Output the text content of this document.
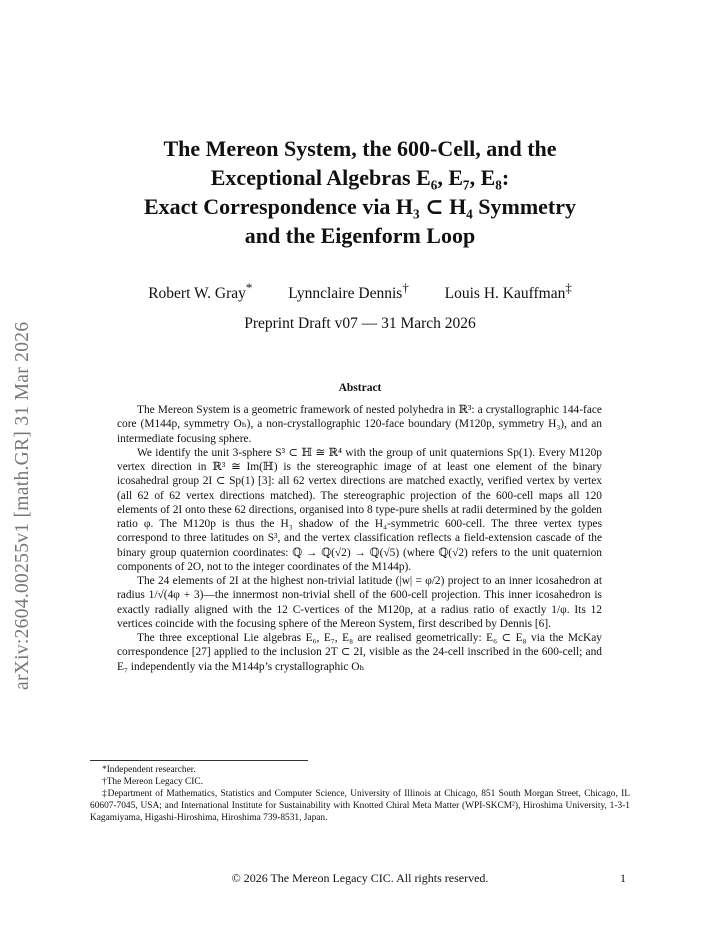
arXiv:2604.00255v1 [math.GR] 31 Mar 2026
The Mereon System, the 600-Cell, and the
Exceptional Algebras E₆, E₇, E₈:
Exact Correspondence via H₃ ⊂ H₄ Symmetry
and the Eigenform Loop
Robert W. Gray* Lynnclaire Dennis† Louis H. Kauffman‡
Preprint Draft v07 — 31 March 2026
Abstract

The Mereon System is a geometric framework of nested polyhedra in ℝ³: a crystallographic 144-face core (M144p, symmetry Oₕ), a non-crystallographic 120-face boundary (M120p, symmetry H₃), and an intermediate focusing sphere.

We identify the unit 3-sphere S³ ⊂ ℍ ≅ ℝ⁴ with the group of unit quaternions Sp(1). Every M120p vertex direction in ℝ³ ≅ Im(ℍ) is the stereographic image of at least one element of the binary icosahedral group 2I ⊂ Sp(1) [3]: all 62 vertex directions are matched exactly, verified vertex by vertex (all 62 of 62 vertex directions matched). The stereographic projection of the 600-cell maps all 120 elements of 2I onto these 62 directions, organised into 8 type-pure shells at radii determined by the golden ratio φ. The M120p is thus the H₃ shadow of the H₄-symmetric 600-cell. The three vertex types correspond to three latitudes on S³, and the vertex classification reflects a field-extension cascade of the binary group quaternion coordinates: ℚ → ℚ(√2) → ℚ(√5) (where ℚ(√2) refers to the unit quaternion components of 2O, not to the integer coordinates of the M144p).

The 24 elements of 2I at the highest non-trivial latitude (|w| = φ/2) project to an inner icosahedron at radius 1/√(4φ + 3)—the innermost non-trivial shell of the 600-cell projection. This inner icosahedron is exactly radially aligned with the 12 C-vertices of the M120p, at a radius ratio of exactly 1/φ. Its 12 vertices coincide with the focusing sphere of the Mereon System, first described by Dennis [6].

The three exceptional Lie algebras E₆, E₇, E₈ are realised geometrically: E₆ ⊂ E₈ via the McKay correspondence [27] applied to the inclusion 2T ⊂ 2I, visible as the 24-cell inscribed in the 600-cell; and E₇ independently via the M144p’s crystallographic Oₕ

*Independent researcher.
†The Mereon Legacy CIC.
‡Department of Mathematics, Statistics and Computer Science, University of Illinois at Chicago, 851 South Morgan Street, Chicago, IL 60607-7045, USA; and International Institute for Sustainability with Knotted Chiral Meta Matter (WPI-SKCM²), Hiroshima University, 1-3-1 Kagamiyama, Higashi-Hiroshima, Hiroshima 739-8531, Japan.
© 2026 The Mereon Legacy CIC. All rights reserved.	1
